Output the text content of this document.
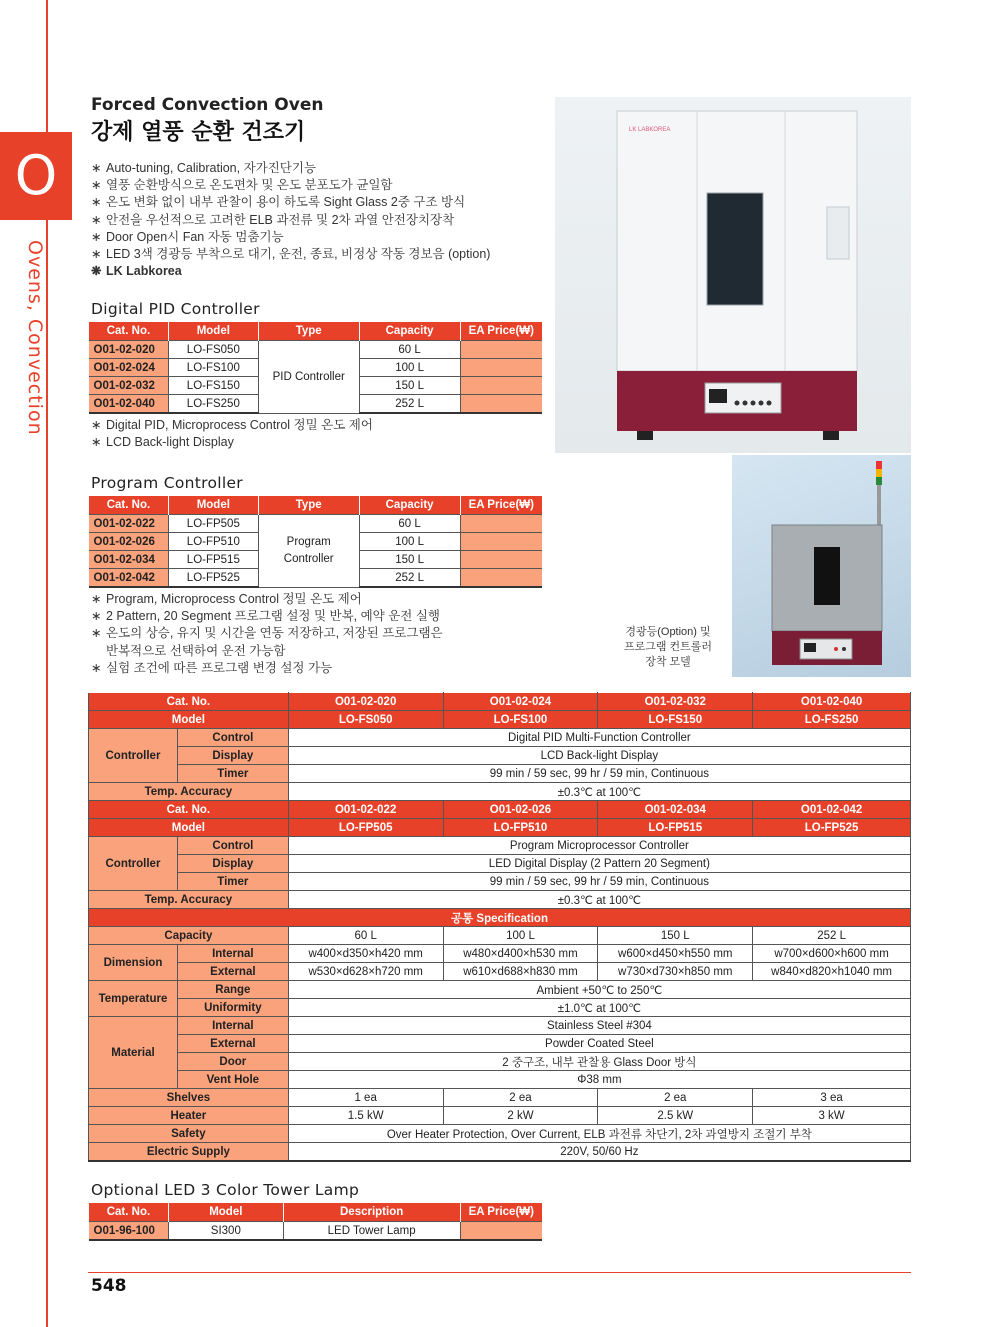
O
Ovens, Convection
Forced Convection Oven
강제 열풍 순환 건조기
∗ Auto-tuning, Calibration, 자가진단기능
∗ 열풍 순환방식으로 온도편차 및 온도 분포도가 균일함
∗ 온도 변화 없이 내부 관찰이 용이 하도록 Sight Glass 2중 구조 방식
∗ 안전을 우선적으로 고려한 ELB 과전류 및 2차 과열 안전장치장착
∗ Door Open시 Fan 자동 멈춤기능
∗ LED 3색 경광등 부착으로 대기, 운전, 종료, 비정상 작동 경보음 (option)
❋ LK Labkorea
Digital PID Controller
Cat. No.	Model	Type	Capacity	EA Price(₩)
O01-02-020	LO-FS050	PID Controller	60 L	
O01-02-024	LO-FS100		100 L	
O01-02-032	LO-FS150		150 L	
O01-02-040	LO-FS250		252 L	
∗ Digital PID, Microprocess Control 정밀 온도 제어
∗ LCD Back-light Display
Program Controller
Cat. No.	Model	Type	Capacity	EA Price(₩)
O01-02-022	LO-FP505	Program
Controller	60 L	
O01-02-026	LO-FP510		100 L	
O01-02-034	LO-FP515		150 L	
O01-02-042	LO-FP525		252 L	
∗ Program, Microprocess Control 정밀 온도 제어
∗ 2 Pattern, 20 Segment 프로그램 설정 및 반복, 예약 운전 실행
∗ 온도의 상승, 유지 및 시간을 연동 저장하고, 저장된 프로그램은
반복적으로 선택하여 운전 가능함
∗ 실험 조건에 따른 프로그램 변경 설정 가능
LK LABKOREA
경광등(Option) 및
프로그램 컨트롤러
장착 모델
Cat. No.		O01-02-020	O01-02-024	O01-02-032	O01-02-040
Model		LO-FS050	LO-FS100	LO-FS150	LO-FS250
Controller	Control	Digital PID Multi-Function Controller			
	Display	LCD Back-light Display			
	Timer	99 min / 59 sec, 99 hr / 59 min, Continuous			
Temp. Accuracy		±0.3℃ at 100℃			
Cat. No.		O01-02-022	O01-02-026	O01-02-034	O01-02-042
Model		LO-FP505	LO-FP510	LO-FP515	LO-FP525
Controller	Control	Program Microprocessor Controller			
	Display	LED Digital Display (2 Pattern 20 Segment)			
	Timer	99 min / 59 sec, 99 hr / 59 min, Continuous			
Temp. Accuracy		±0.3℃ at 100℃			
공통 Specification					
Capacity		60 L	100 L	150 L	252 L
Dimension	Internal	w400×d350×h420 mm	w480×d400×h530 mm	w600×d450×h550 mm	w700×d600×h600 mm
	External	w530×d628×h720 mm	w610×d688×h830 mm	w730×d730×h850 mm	w840×d820×h1040 mm
Temperature	Range	Ambient +50℃ to 250℃			
	Uniformity	±1.0℃ at 100℃			
Material	Internal	Stainless Steel #304			
	External	Powder Coated Steel			
	Door	2 중구조, 내부 관찰용 Glass Door 방식			
	Vent Hole	Φ38 mm			
Shelves		1 ea	2 ea	2 ea	3 ea
Heater		1.5 kW	2 kW	2.5 kW	3 kW
Safety		Over Heater Protection, Over Current, ELB 과전류 차단기, 2차 과열방지 조절기 부착			
Electric Supply		220V, 50/60 Hz			
Optional LED 3 Color Tower Lamp
Cat. No.	Model	Description	EA Price(₩)
O01-96-100	SI300	LED Tower Lamp	
548
